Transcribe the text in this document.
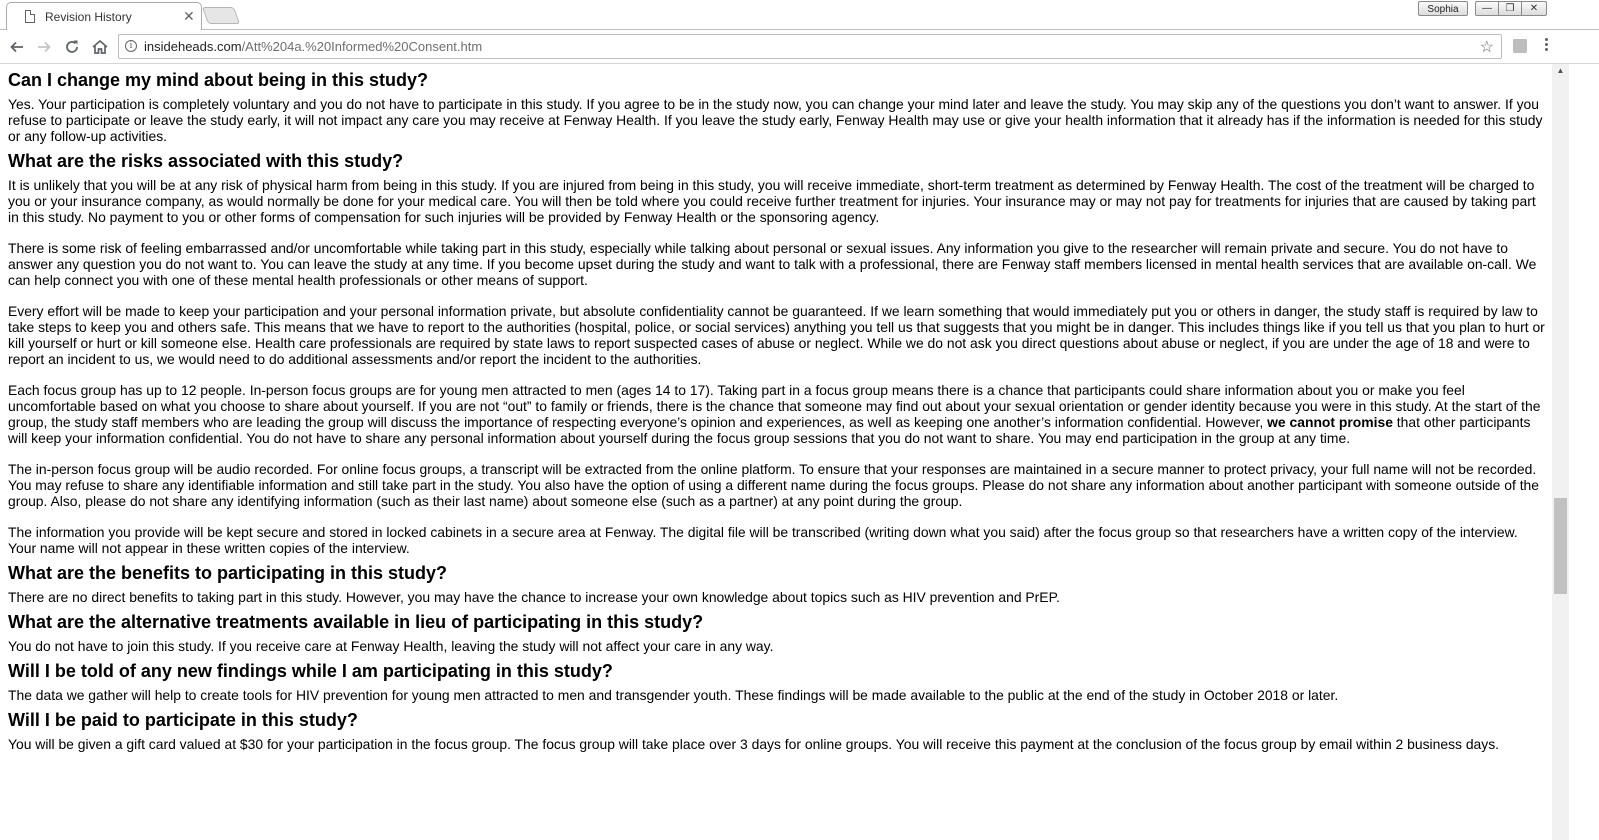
Revision History	✕	Sophia	—	❐	✕
i insideheads.com/Att%204a.%20Informed%20Consent.htm	☆
Can I change my mind about being in this study?

Yes. Your participation is completely voluntary and you do not have to participate in this study. If you agree to be in the study now, you can change your mind later and leave the study. You may skip any of the questions you don’t want to answer. If you refuse to participate or leave the study early, it will not impact any care you may receive at Fenway Health. If you leave the study early, Fenway Health may use or give your health information that it already has if the information is needed for this study or any follow-up activities.

What are the risks associated with this study?

It is unlikely that you will be at any risk of physical harm from being in this study. If you are injured from being in this study, you will receive immediate, short-term treatment as determined by Fenway Health. The cost of the treatment will be charged to you or your insurance company, as would normally be done for your medical care. You will then be told where you could receive further treatment for injuries. Your insurance may or may not pay for treatments for injuries that are caused by taking part in this study. No payment to you or other forms of compensation for such injuries will be provided by Fenway Health or the sponsoring agency.

There is some risk of feeling embarrassed and/or uncomfortable while taking part in this study, especially while talking about personal or sexual issues. Any information you give to the researcher will remain private and secure. You do not have to answer any question you do not want to. You can leave the study at any time. If you become upset during the study and want to talk with a professional, there are Fenway staff members licensed in mental health services that are available on-call. We can help connect you with one of these mental health professionals or other means of support.

Every effort will be made to keep your participation and your personal information private, but absolute confidentiality cannot be guaranteed. If we learn something that would immediately put you or others in danger, the study staff is required by law to take steps to keep you and others safe. This means that we have to report to the authorities (hospital, police, or social services) anything you tell us that suggests that you might be in danger. This includes things like if you tell us that you plan to hurt or kill yourself or hurt or kill someone else. Health care professionals are required by state laws to report suspected cases of abuse or neglect. While we do not ask you direct questions about abuse or neglect, if you are under the age of 18 and were to report an incident to us, we would need to do additional assessments and/or report the incident to the authorities.

Each focus group has up to 12 people. In-person focus groups are for young men attracted to men (ages 14 to 17). Taking part in a focus group means there is a chance that participants could share information about you or make you feel uncomfortable based on what you choose to share about yourself. If you are not “out” to family or friends, there is the chance that someone may find out about your sexual orientation or gender identity because you were in this study. At the start of the group, the study staff members who are leading the group will discuss the importance of respecting everyone’s opinion and experiences, as well as keeping one another’s information confidential. However, we cannot promise that other participants will keep your information confidential. You do not have to share any personal information about yourself during the focus group sessions that you do not want to share. You may end participation in the group at any time.

The in-person focus group will be audio recorded. For online focus groups, a transcript will be extracted from the online platform. To ensure that your responses are maintained in a secure manner to protect privacy, your full name will not be recorded. You may refuse to share any identifiable information and still take part in the study. You also have the option of using a different name during the focus groups. Please do not share any information about another participant with someone outside of the group. Also, please do not share any identifying information (such as their last name) about someone else (such as a partner) at any point during the group.

The information you provide will be kept secure and stored in locked cabinets in a secure area at Fenway. The digital file will be transcribed (writing down what you said) after the focus group so that researchers have a written copy of the interview. Your name will not appear in these written copies of the interview.

What are the benefits to participating in this study?

There are no direct benefits to taking part in this study. However, you may have the chance to increase your own knowledge about topics such as HIV prevention and PrEP.

What are the alternative treatments available in lieu of participating in this study?

You do not have to join this study. If you receive care at Fenway Health, leaving the study will not affect your care in any way.

Will I be told of any new findings while I am participating in this study?

The data we gather will help to create tools for HIV prevention for young men attracted to men and transgender youth. These findings will be made available to the public at the end of the study in October 2018 or later.

Will I be paid to participate in this study?

You will be given a gift card valued at $30 for your participation in the focus group. The focus group will take place over 3 days for online groups. You will receive this payment at the conclusion of the focus group by email within 2 business days.

▲
